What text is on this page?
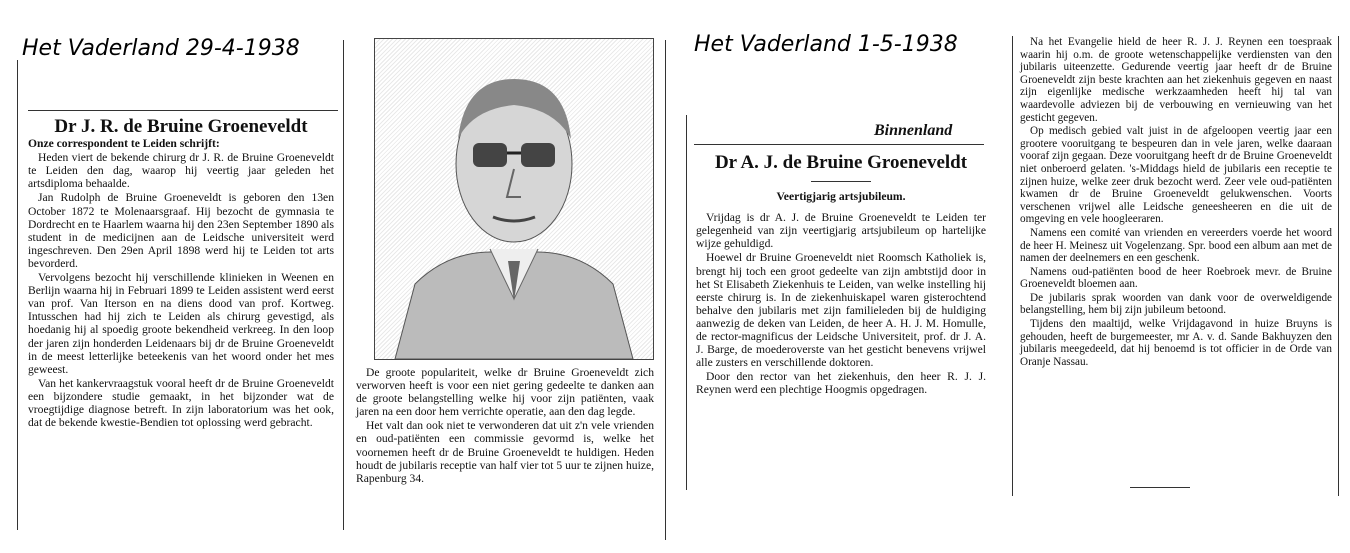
Het Vaderland 29-4-1938	Het Vaderland 1-5-1938
Dr J. R. de Bruine Groeneveldt

Onze correspondent te Leiden schrijft:

Heden viert de bekende chirurg dr J. R. de Bruine Groeneveldt te Leiden den dag, waarop hij veertig jaar geleden het artsdiploma behaalde.

Jan Rudolph de Bruine Groeneveldt is geboren den 13en October 1872 te Molenaarsgraaf. Hij bezocht de gymnasia te Dordrecht en te Haarlem waarna hij den 23en September 1890 als student in de medicijnen aan de Leidsche universiteit werd ingeschreven. Den 29en April 1898 werd hij te Leiden tot arts bevorderd.

Vervolgens bezocht hij verschillende klinieken in Weenen en Berlijn waarna hij in Februari 1899 te Leiden assistent werd eerst van prof. Van Iterson en na diens dood van prof. Kortweg. Intusschen had hij zich te Leiden als chirurg gevestigd, als hoedanig hij al spoedig groote bekendheid verkreeg. In den loop der jaren zijn honderden Leidenaars bij dr de Bruine Groeneveldt in de meest letterlijke beteekenis van het woord onder het mes geweest.

Van het kankervraagstuk vooral heeft dr de Bruine Groeneveldt een bijzondere studie gemaakt, in het bijzonder wat de vroegtijdige diagnose betreft. In zijn laboratorium was het ook, dat de bekende kwestie-Bendien tot oplossing werd gebracht.

De groote populariteit, welke dr Bruine Groeneveldt zich verworven heeft is voor een niet gering gedeelte te danken aan de groote belangstelling welke hij voor zijn patiënten, vaak jaren na een door hem verrichte operatie, aan den dag legde.

Het valt dan ook niet te verwonderen dat uit z'n vele vrienden en oud-patiënten een commissie gevormd is, welke het voornemen heeft dr de Bruine Groeneveldt te huldigen. Heden houdt de jubilaris receptie van half vier tot 5 uur te zijnen huize, Rapenburg 34.

Binnenland
Dr A. J. de Bruine Groeneveldt
Veertigjarig artsjubileum.

Vrijdag is dr A. J. de Bruine Groeneveldt te Leiden ter gelegenheid van zijn veertigjarig artsjubileum op hartelijke wijze gehuldigd.

Hoewel dr Bruine Groeneveldt niet Roomsch Katholiek is, brengt hij toch een groot gedeelte van zijn ambtstijd door in het St Elisabeth Ziekenhuis te Leiden, van welke instelling hij eerste chirurg is. In de ziekenhuiskapel waren gisterochtend behalve den jubilaris met zijn familieleden bij de huldiging aanwezig de deken van Leiden, de heer A. H. J. M. Homulle, de rector-magnificus der Leidsche Universiteit, prof. dr J. A. J. Barge, de moederoverste van het gesticht benevens vrijwel alle zusters en verschillende doktoren.

Door den rector van het ziekenhuis, den heer R. J. J. Reynen werd een plechtige Hoogmis opgedragen.

Na het Evangelie hield de heer R. J. J. Reynen een toespraak waarin hij o.m. de groote wetenschappelijke verdiensten van den jubilaris uiteenzette. Gedurende veertig jaar heeft dr de Bruine Groeneveldt zijn beste krachten aan het ziekenhuis gegeven en naast zijn eigenlijke medische werkzaamheden heeft hij tal van waardevolle adviezen bij de verbouwing en vernieuwing van het gesticht gegeven.

Op medisch gebied valt juist in de afgeloopen veertig jaar een grootere vooruitgang te bespeuren dan in vele jaren, welke daaraan vooraf zijn gegaan. Deze vooruitgang heeft dr de Bruine Groeneveldt niet onberoerd gelaten. 's-Middags hield de jubilaris een receptie te zijnen huize, welke zeer druk bezocht werd. Zeer vele oud-patiënten kwamen dr de Bruine Groeneveldt gelukwenschen. Voorts verschenen vrijwel alle Leidsche geneesheeren en die uit de omgeving en vele hoogleeraren.

Namens een comité van vrienden en vereerders voerde het woord de heer H. Meinesz uit Vogelenzang. Spr. bood een album aan met de namen der deelnemers en een geschenk.

Namens oud-patiënten bood de heer Roebroek mevr. de Bruine Groeneveldt bloemen aan.

De jubilaris sprak woorden van dank voor de overweldigende belangstelling, hem bij zijn jubileum betoond.

Tijdens den maaltijd, welke Vrijdagavond in huize Bruyns is gehouden, heeft de burgemeester, mr A. v. d. Sande Bakhuyzen den jubilaris meegedeeld, dat hij benoemd is tot officier in de Orde van Oranje Nassau.
